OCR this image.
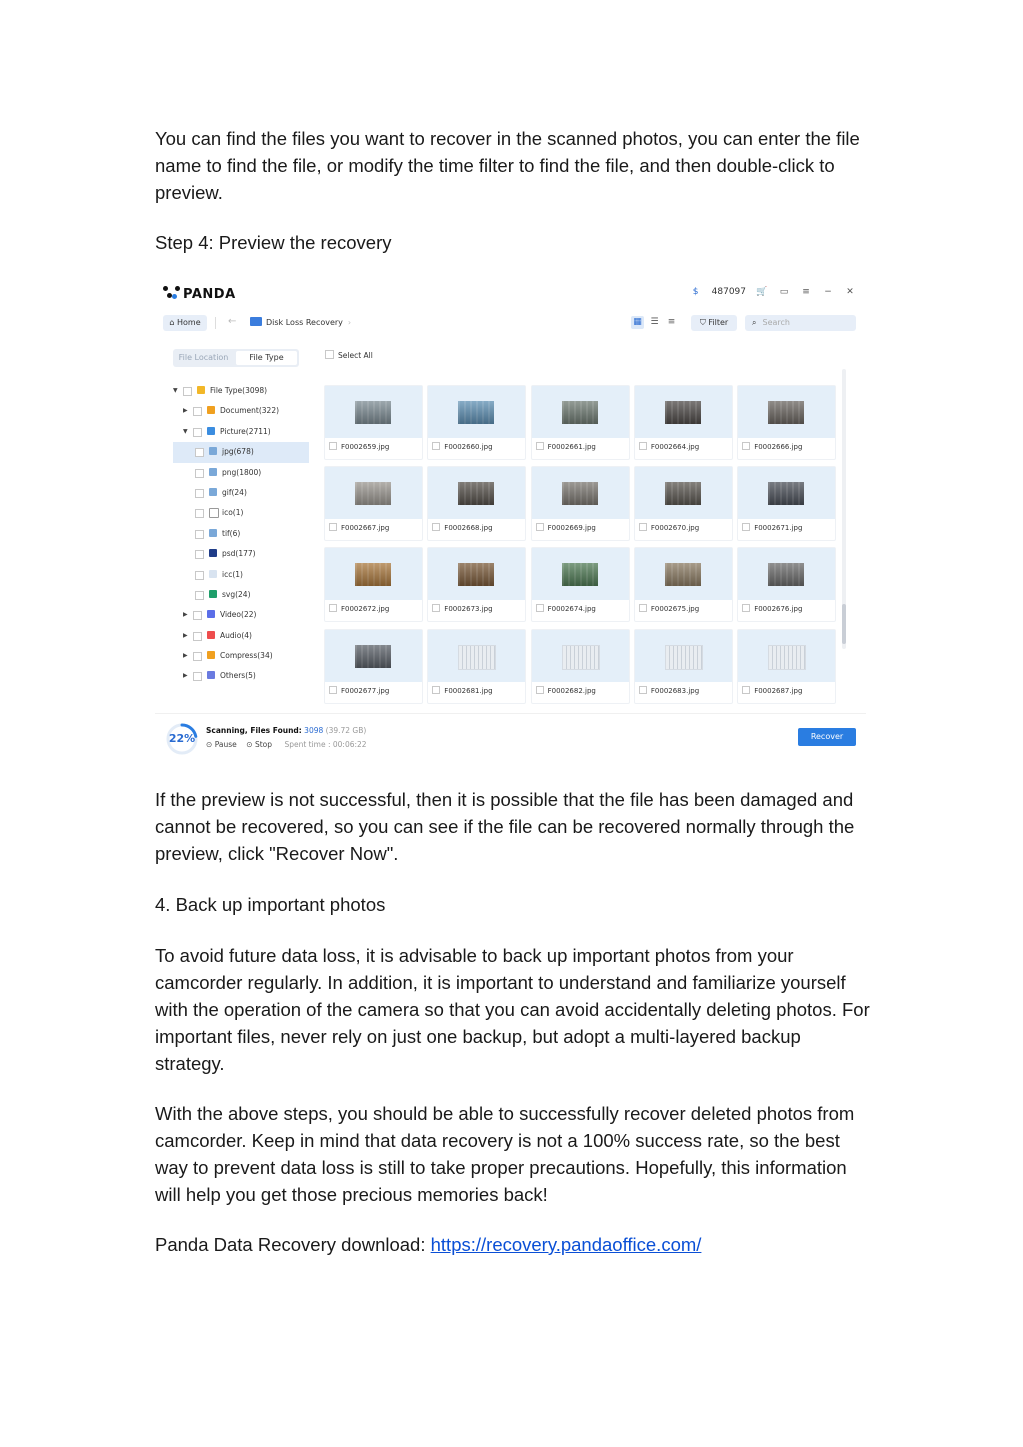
You can find the files you want to recover in the scanned photos, you can enter the file name to find the file, or modify the time filter to find the file, and then double-click to preview.

Step 4: Preview the recovery

PANDA	$	487097 🛒 ▭ ≡ − ✕
⌂ Home	←	Disk Loss Recovery ›	▦ ☰	≡	⛉ Filter	⌕ Search
File Location	File Type
▼	File Type(3098)
▶	Document(322)
▼	Picture(2711)
jpg(678)
png(1800)
gif(24)
ico(1)
tif(6)
psd(177)
icc(1)
svg(24)
▶	Video(22)
▶	Audio(4)
▶	Compress(34)
▶	Others(5)
Select All
F0002659.jpg	F0002660.jpg	F0002661.jpg	F0002664.jpg	F0002666.jpg
F0002667.jpg	F0002668.jpg	F0002669.jpg	F0002670.jpg	F0002671.jpg
F0002672.jpg	F0002673.jpg	F0002674.jpg	F0002675.jpg	F0002676.jpg
F0002677.jpg	F0002681.jpg	F0002682.jpg	F0002683.jpg	F0002687.jpg
22%
Scanning, Files Found: 3098 (39.72 GB)
⊙ Pause ⊙ Stop Spent time : 00:06:22
Recover

If the preview is not successful, then it is possible that the file has been damaged and cannot be recovered, so you can see if the file can be recovered normally through the preview, click "Recover Now".

4. Back up important photos

To avoid future data loss, it is advisable to back up important photos from your camcorder regularly. In addition, it is important to understand and familiarize yourself with the operation of the camera so that you can avoid accidentally deleting photos. For important files, never rely on just one backup, but adopt a multi-layered backup strategy.

With the above steps, you should be able to successfully recover deleted photos from camcorder. Keep in mind that data recovery is not a 100% success rate, so the best way to prevent data loss is still to take proper precautions. Hopefully, this information will help you get those precious memories back!

Panda Data Recovery download: https://recovery.pandaoffice.com/
